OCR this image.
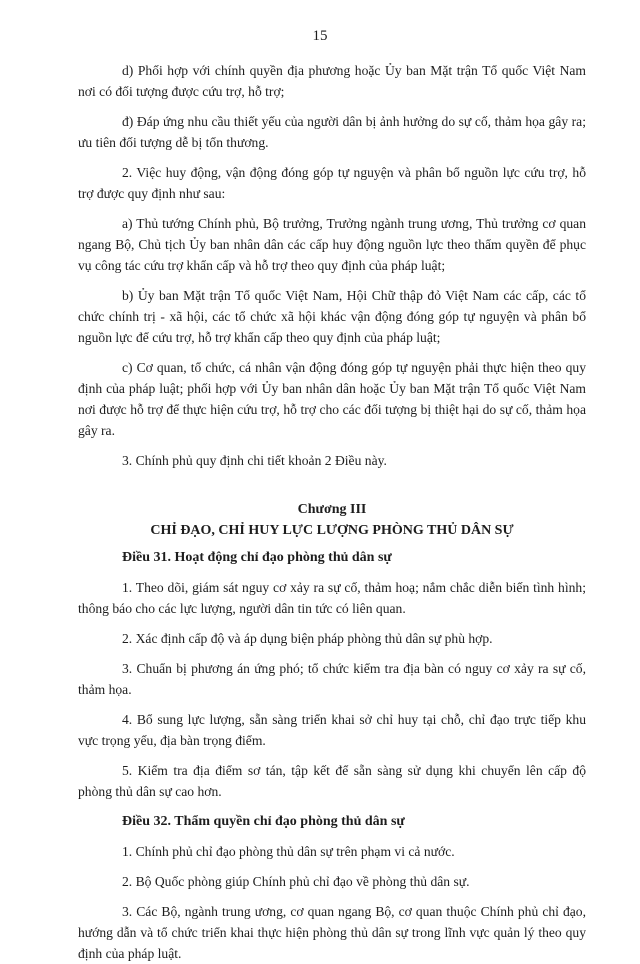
15

d) Phối hợp với chính quyền địa phương hoặc Ủy ban Mặt trận Tổ quốc Việt Nam nơi có đối tượng được cứu trợ, hỗ trợ;

đ) Đáp ứng nhu cầu thiết yếu của người dân bị ảnh hưởng do sự cố, thảm họa gây ra; ưu tiên đối tượng dễ bị tổn thương.

2. Việc huy động, vận động đóng góp tự nguyện và phân bổ nguồn lực cứu trợ, hỗ trợ được quy định như sau:

a) Thủ tướng Chính phủ, Bộ trưởng, Trưởng ngành trung ương, Thủ trưởng cơ quan ngang Bộ, Chủ tịch Ủy ban nhân dân các cấp huy động nguồn lực theo thẩm quyền để phục vụ công tác cứu trợ khẩn cấp và hỗ trợ theo quy định của pháp luật;

b) Ủy ban Mặt trận Tổ quốc Việt Nam, Hội Chữ thập đỏ Việt Nam các cấp, các tổ chức chính trị - xã hội, các tổ chức xã hội khác vận động đóng góp tự nguyện và phân bổ nguồn lực để cứu trợ, hỗ trợ khẩn cấp theo quy định của pháp luật;

c) Cơ quan, tổ chức, cá nhân vận động đóng góp tự nguyện phải thực hiện theo quy định của pháp luật; phối hợp với Ủy ban nhân dân hoặc Ủy ban Mặt trận Tổ quốc Việt Nam nơi được hỗ trợ để thực hiện cứu trợ, hỗ trợ cho các đối tượng bị thiệt hại do sự cố, thảm họa gây ra.

3. Chính phủ quy định chi tiết khoản 2 Điều này.

Chương III
CHỈ ĐẠO, CHỈ HUY LỰC LƯỢNG PHÒNG THỦ DÂN SỰ
Điều 31. Hoạt động chỉ đạo phòng thủ dân sự

1. Theo dõi, giám sát nguy cơ xảy ra sự cố, thảm hoạ; nắm chắc diễn biến tình hình; thông báo cho các lực lượng, người dân tin tức có liên quan.

2. Xác định cấp độ và áp dụng biện pháp phòng thủ dân sự phù hợp.

3. Chuẩn bị phương án ứng phó; tổ chức kiểm tra địa bàn có nguy cơ xảy ra sự cố, thảm họa.

4. Bổ sung lực lượng, sẵn sàng triển khai sở chỉ huy tại chỗ, chỉ đạo trực tiếp khu vực trọng yếu, địa bàn trọng điểm.

5. Kiểm tra địa điểm sơ tán, tập kết để sẵn sàng sử dụng khi chuyển lên cấp độ phòng thủ dân sự cao hơn.

Điều 32. Thẩm quyền chỉ đạo phòng thủ dân sự

1. Chính phủ chỉ đạo phòng thủ dân sự trên phạm vi cả nước.

2. Bộ Quốc phòng giúp Chính phủ chỉ đạo về phòng thủ dân sự.

3. Các Bộ, ngành trung ương, cơ quan ngang Bộ, cơ quan thuộc Chính phủ chỉ đạo, hướng dẫn và tổ chức triển khai thực hiện phòng thủ dân sự trong lĩnh vực quản lý theo quy định của pháp luật.
